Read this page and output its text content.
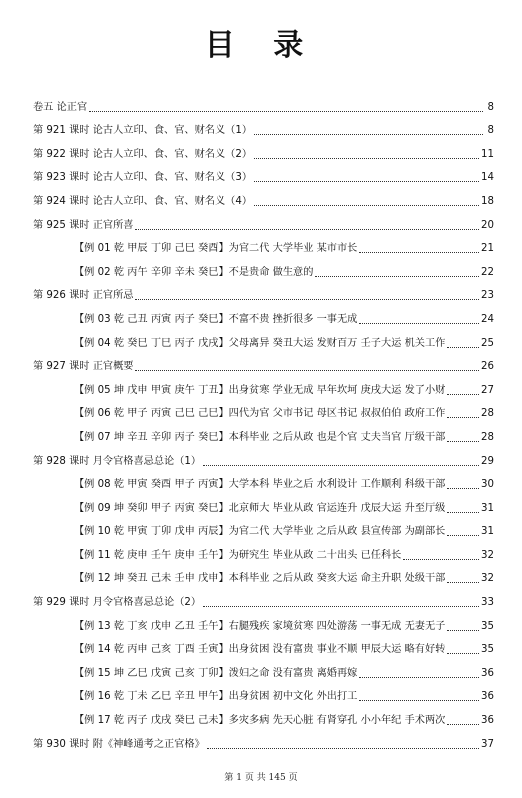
目 录
卷五 论正官	8
第 921 课时 论古人立印、食、官、财名义（1）	8
第 922 课时 论古人立印、食、官、财名义（2）	11
第 923 课时 论古人立印、食、官、财名义（3）	14
第 924 课时 论古人立印、食、官、财名义（4）	18
第 925 课时 正官所喜	20
【例 01 乾 甲辰 丁卯 己巳 癸酉】为官二代 大学毕业 某市市长	21
【例 02 乾 丙午 辛卯 辛未 癸巳】不是贵命 做生意的	22
第 926 课时 正官所忌	23
【例 03 乾 己丑 丙寅 丙子 癸巳】不富不贵 挫折很多 一事无成	24
【例 04 乾 癸巳 丁巳 丙子 戊戌】父母离异 癸丑大运 发财百万 壬子大运 机关工作	25
第 927 课时 正官概要	26
【例 05 坤 戊申 甲寅 庚午 丁丑】出身贫寒 学业无成 早年坎坷 庚戌大运 发了小财	27
【例 06 乾 甲子 丙寅 己巳 己巳】四代为官 父市书记 母区书记 叔叔伯伯 政府工作	28
【例 07 坤 辛丑 辛卯 丙子 癸巳】本科毕业 之后从政 也是个官 丈夫当官 厅级干部	28
第 928 课时 月令官格喜忌总论（1）	29
【例 08 乾 甲寅 癸酉 甲子 丙寅】大学本科 毕业之后 水利设计 工作顺利 科级干部	30
【例 09 坤 癸卯 甲子 丙寅 癸巳】北京师大 毕业从政 官运连升 戊辰大运 升至厅级	31
【例 10 乾 甲寅 丁卯 戊申 丙辰】为官二代 大学毕业 之后从政 县宣传部 为副部长	31
【例 11 乾 庚申 壬午 庚申 壬午】为研究生 毕业从政 二十出头 已任科长	32
【例 12 坤 癸丑 己未 壬申 戊申】本科毕业 之后从政 癸亥大运 命主升职 处级干部	32
第 929 课时 月令官格喜忌总论（2）	33
【例 13 乾 丁亥 戊申 乙丑 壬午】右腿残疾 家境贫寒 四处游荡 一事无成 无妻无子	35
【例 14 乾 丙申 己亥 丁酉 壬寅】出身贫困 没有富贵 事业不顺 甲辰大运 略有好转	35
【例 15 坤 乙巳 戊寅 己亥 丁卯】泼妇之命 没有富贵 离婚再嫁	36
【例 16 乾 丁未 乙巳 辛丑 甲午】出身贫困 初中文化 外出打工	36
【例 17 乾 丙子 戊戌 癸巳 己未】多灾多病 先天心脏 有肾穿孔 小小年纪 手术两次	36
第 930 课时 附《神峰通考之正官格》	37
第 1 页 共 145 页
